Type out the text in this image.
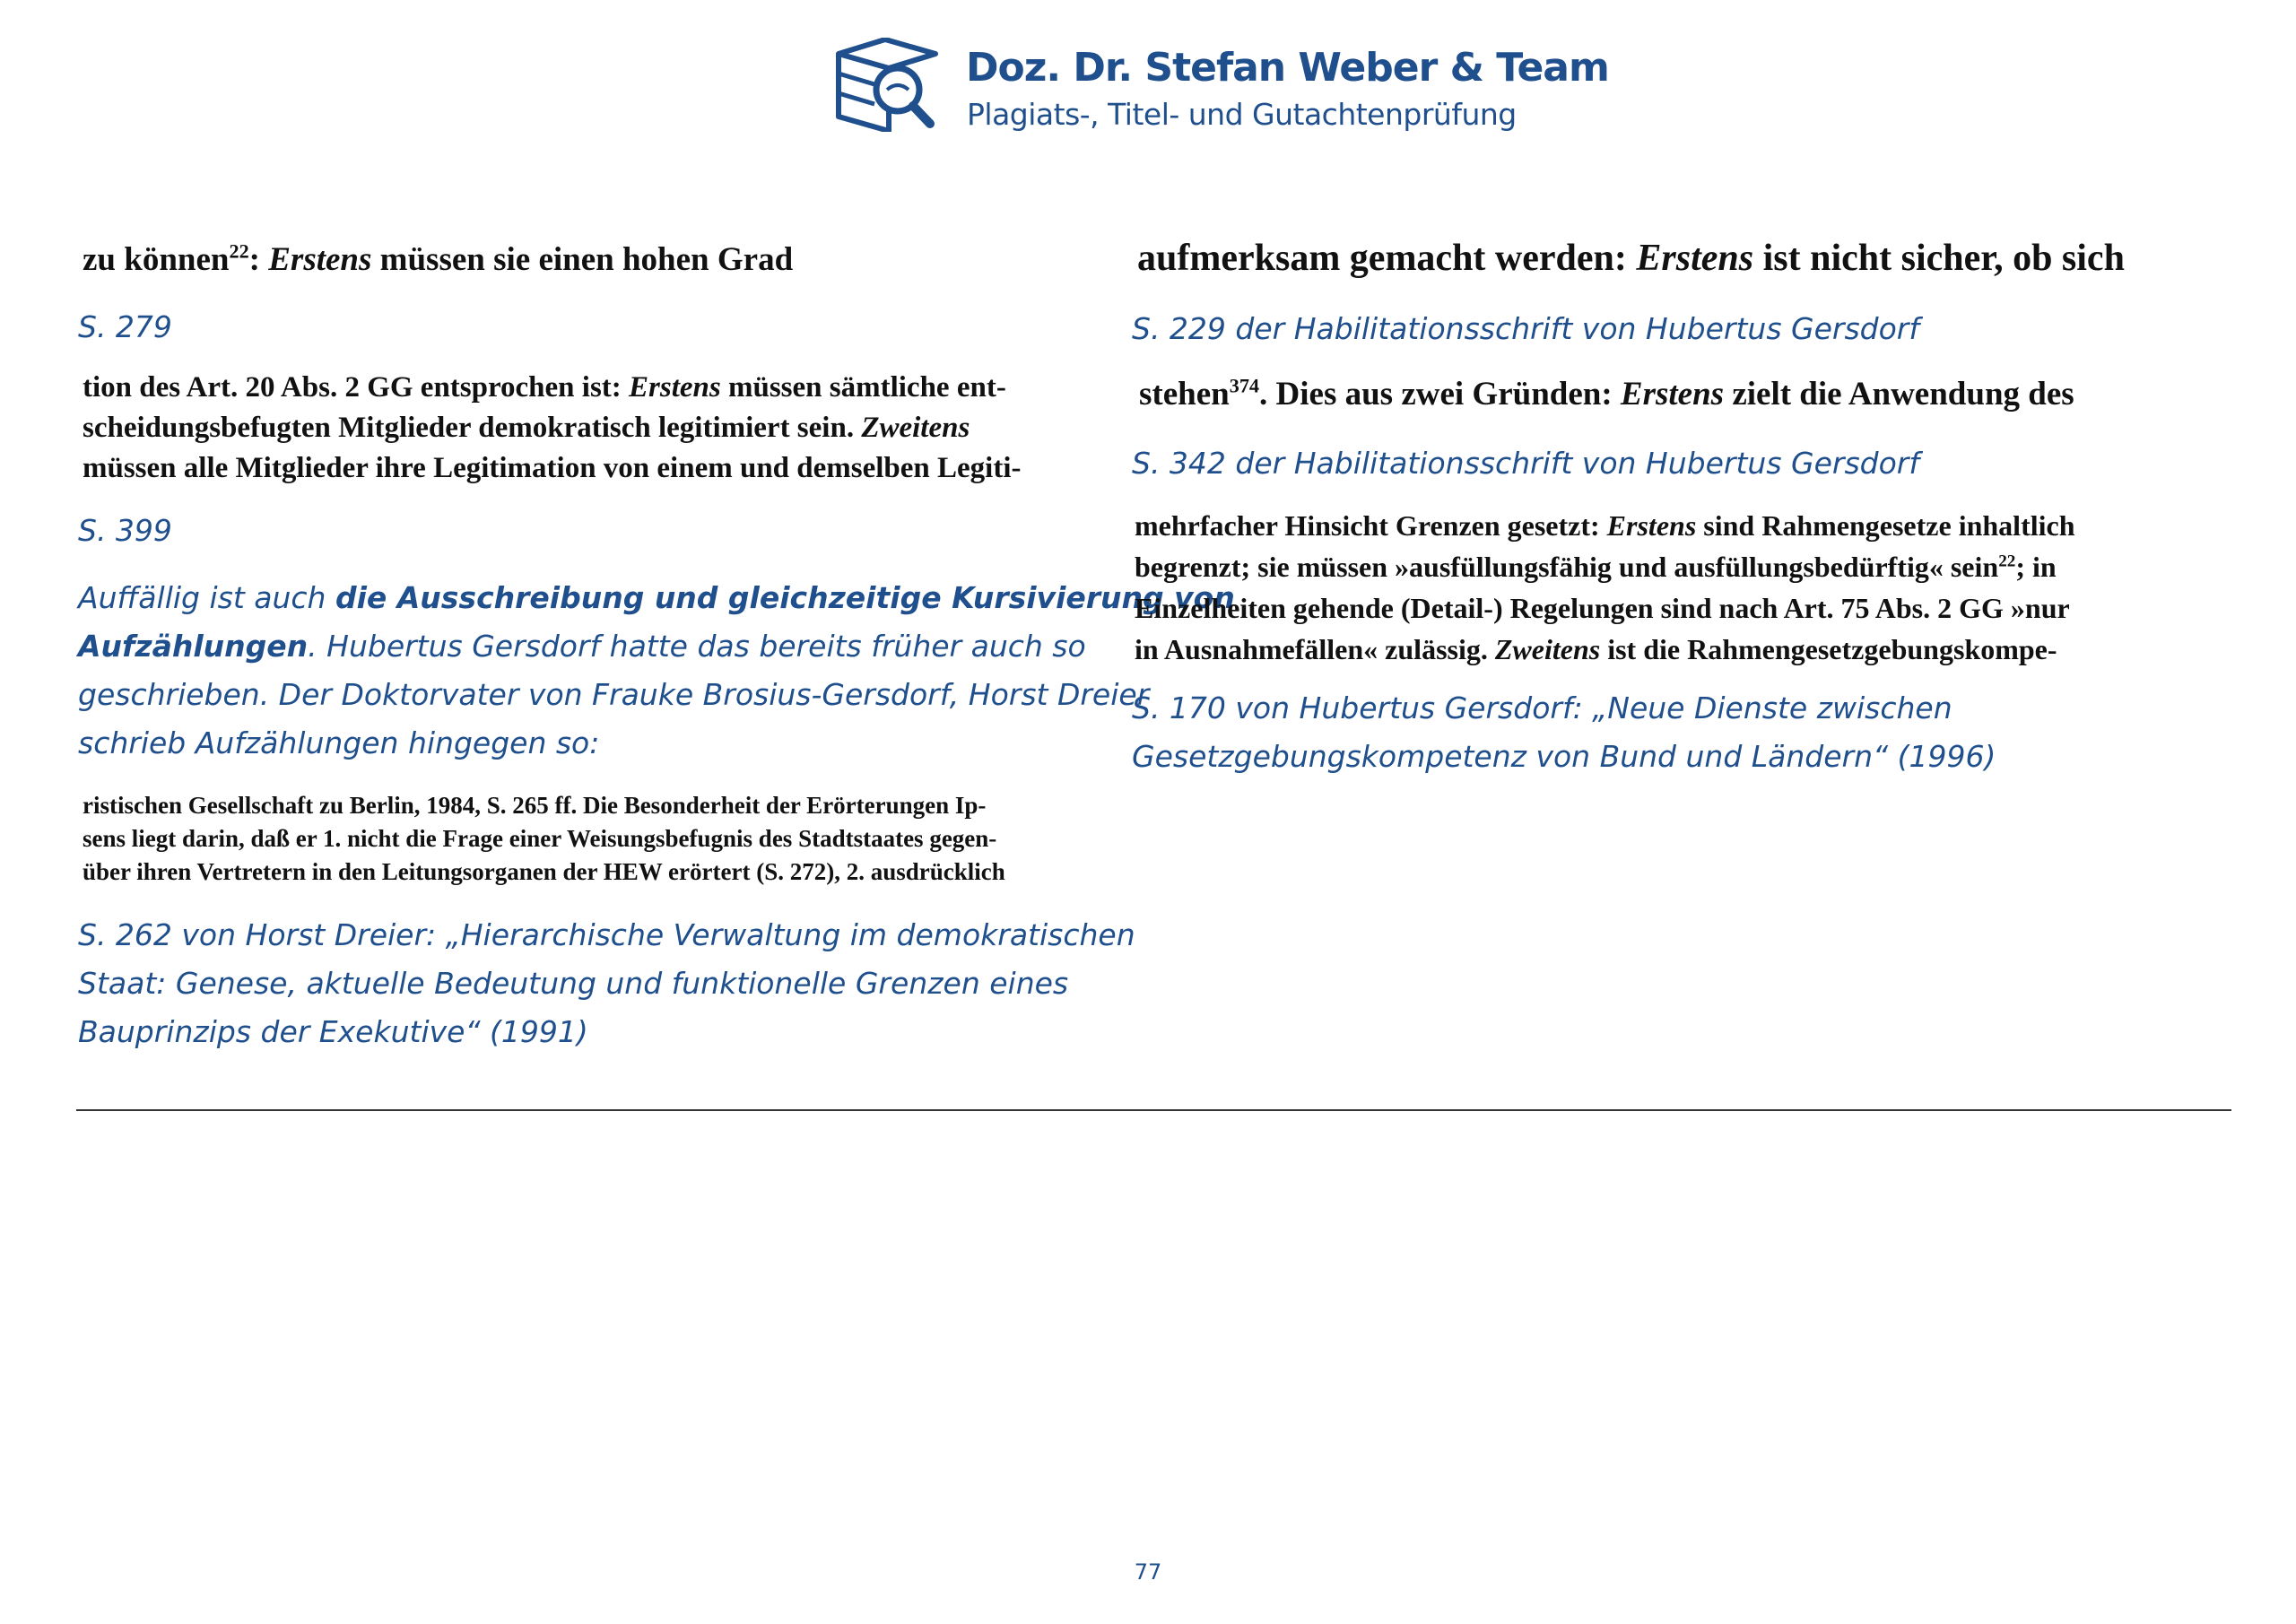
Doz. Dr. Stefan Weber & Team
Plagiats-, Titel- und Gutachtenprüfung
zu können$^{22}$: Erstens müssen sie einen hohen Grad
S. 279
tion des Art. 20 Abs. 2 GG entsprochen ist: Erstens müssen sämtliche ent-
scheidungsbefugten Mitglieder demokratisch legitimiert sein. Zweitens
müssen alle Mitglieder ihre Legitimation von einem und demselben Legiti-
S. 399
Auffällig ist auch die Ausschreibung und gleichzeitige Kursivierung von
Aufzählungen. Hubertus Gersdorf hatte das bereits früher auch so
geschrieben. Der Doktorvater von Frauke Brosius-Gersdorf, Horst Dreier
schrieb Aufzählungen hingegen so:
ristischen Gesellschaft zu Berlin, 1984, S. 265 ff. Die Besonderheit der Erörterungen Ip-
sens liegt darin, daß er 1. nicht die Frage einer Weisungsbefugnis des Stadtstaates gegen-
über ihren Vertretern in den Leitungsorganen der HEW erörtert (S. 272), 2. ausdrücklich
S. 262 von Horst Dreier: „Hierarchische Verwaltung im demokratischen
Staat: Genese, aktuelle Bedeutung und funktionelle Grenzen eines
Bauprinzips der Exekutive“ (1991)
aufmerksam gemacht werden: Erstens ist nicht sicher, ob sich
S. 229 der Habilitationsschrift von Hubertus Gersdorf
stehen$^{374}$. Dies aus zwei Gründen: Erstens zielt die Anwendung des
S. 342 der Habilitationsschrift von Hubertus Gersdorf
mehrfacher Hinsicht Grenzen gesetzt: Erstens sind Rahmengesetze inhaltlich
begrenzt; sie müssen »ausfüllungsfähig und ausfüllungsbedürftig« sein$^{22}$; in
Einzelheiten gehende (Detail-) Regelungen sind nach Art. 75 Abs. 2 GG »nur
in Ausnahmefällen« zulässig. Zweitens ist die Rahmengesetzgebungskompe-
S. 170 von Hubertus Gersdorf: „Neue Dienste zwischen
Gesetzgebungskompetenz von Bund und Ländern“ (1996)
77
